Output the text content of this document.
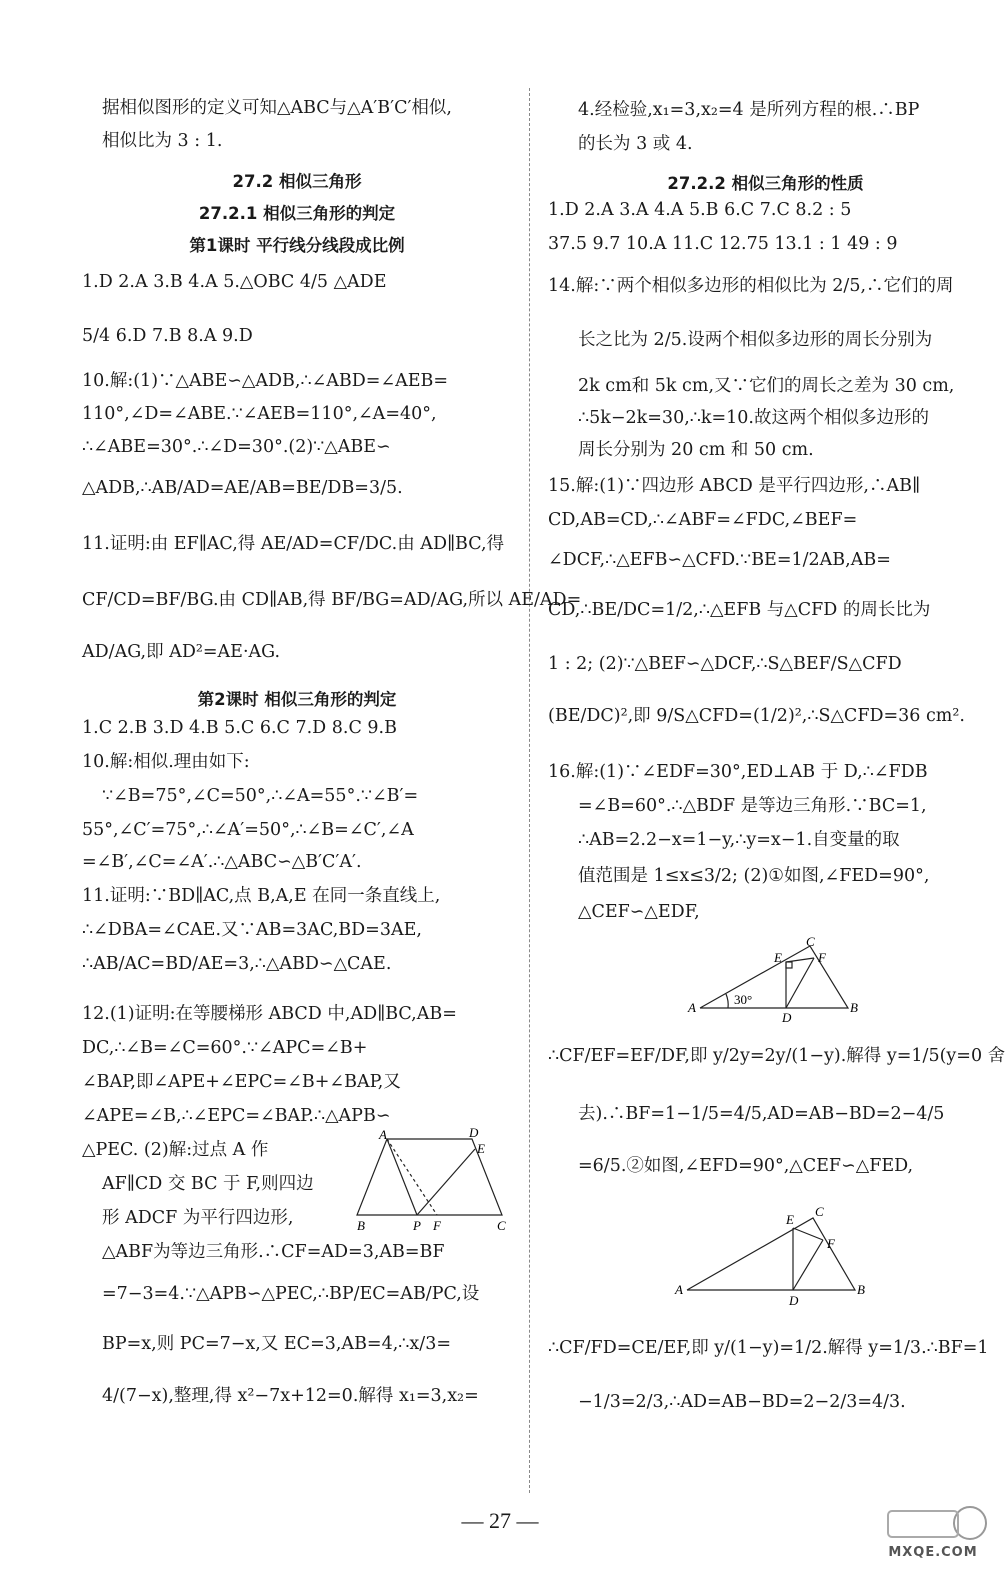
据相似图形的定义可知△ABC与△A′B′C′相似,
相似比为 3 : 1.
27.2 相似三角形
27.2.1 相似三角形的判定
第1课时 平行线分线段成比例
1.D 2.A 3.B 4.A 5.△OBC 4/5 △ADE
5/4 6.D 7.B 8.A 9.D
10.解:(1)∵△ABE∽△ADB,∴∠ABD=∠AEB=
110°,∠D=∠ABE.∵∠AEB=110°,∠A=40°,
∴∠ABE=30°.∴∠D=30°.(2)∵△ABE∽
△ADB,∴AB/AD=AE/AB=BE/DB=3/5.
11.证明:由 EF∥AC,得 AE/AD=CF/DC.由 AD∥BC,得
CF/CD=BF/BG.由 CD∥AB,得 BF/BG=AD/AG,所以 AE/AD=
AD/AG,即 AD²=AE·AG.
第2课时 相似三角形的判定
1.C 2.B 3.D 4.B 5.C 6.C 7.D 8.C 9.B
10.解:相似.理由如下:
∵∠B=75°,∠C=50°,∴∠A=55°.∵∠B′=
55°,∠C′=75°,∴∠A′=50°,∴∠B=∠C′,∠A
=∠B′,∠C=∠A′.∴△ABC∽△B′C′A′.
11.证明:∵BD∥AC,点 B,A,E 在同一条直线上,
∴∠DBA=∠CAE.又∵AB=3AC,BD=3AE,
∴AB/AC=BD/AE=3,∴△ABD∽△CAE.
12.(1)证明:在等腰梯形 ABCD 中,AD∥BC,AB=
DC,∴∠B=∠C=60°.∵∠APC=∠B+
∠BAP,即∠APE+∠EPC=∠B+∠BAP,又
∠APE=∠B,∴∠EPC=∠BAP.∴△APB∽
△PEC. (2)解:过点 A 作
AF∥CD 交 BC 于 F,则四边
形 ADCF 为平行四边形,
△ABF为等边三角形.∴CF=AD=3,AB=BF
=7−3=4.∵△APB∽△PEC,∴BP/EC=AB/PC,设
BP=x,则 PC=7−x,又 EC=3,AB=4,∴x/3=
4/(7−x),整理,得 x²−7x+12=0.解得 x₁=3,x₂=
A	D
E
B	P F	C
4.经检验,x₁=3,x₂=4 是所列方程的根.∴BP
的长为 3 或 4.
27.2.2 相似三角形的性质
1.D 2.A 3.A 4.A 5.B 6.C 7.C 8.2 : 5
37.5 9.7 10.A 11.C 12.75 13.1 : 1 49 : 9
14.解:∵两个相似多边形的相似比为 2/5,∴它们的周
长之比为 2/5.设两个相似多边形的周长分别为
2k cm和 5k cm,又∵它们的周长之差为 30 cm,
∴5k−2k=30,∴k=10.故这两个相似多边形的
周长分别为 20 cm 和 50 cm.
15.解:(1)∵四边形 ABCD 是平行四边形,∴AB∥
CD,AB=CD,∴∠ABF=∠FDC,∠BEF=
∠DCF,∴△EFB∽△CFD.∵BE=1/2AB,AB=
CD,∴BE/DC=1/2,∴△EFB 与△CFD 的周长比为
1 : 2; (2)∵△BEF∽△DCF,∴S△BEF/S△CFD
(BE/DC)²,即 9/S△CFD=(1/2)²,∴S△CFD=36 cm².
16.解:(1)∵∠EDF=30°,ED⊥AB 于 D,∴∠FDB
=∠B=60°.∴△BDF 是等边三角形.∵BC=1,
∴AB=2.2−x=1−y,∴y=x−1.自变量的取
值范围是 1≤x≤3/2; (2)①如图,∠FED=90°,
△CEF∽△EDF,
C
E	F
A
D
B
30°
∴CF/EF=EF/DF,即 y/2y=2y/(1−y).解得 y=1/5(y=0 舍
去).∴BF=1−1/5=4/5,AD=AB−BD=2−4/5
=6/5.②如图,∠EFD=90°,△CEF∽△FED,
E
C
F
A
D
B
∴CF/FD=CE/EF,即 y/(1−y)=1/2.解得 y=1/3.∴BF=1
−1/3=2/3,∴AD=AB−BD=2−2/3=4/3.
— 27 —
MXQE.COM
